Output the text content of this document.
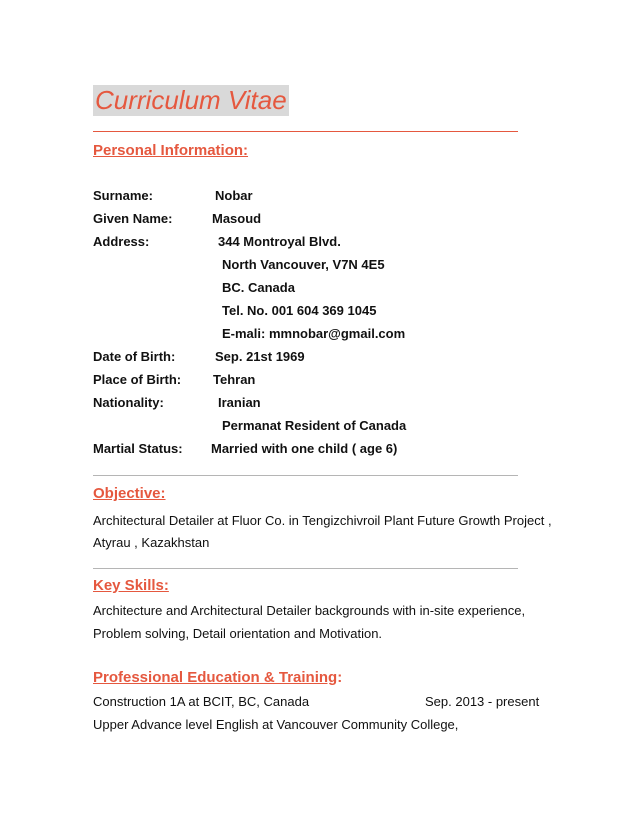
Curriculum Vitae
Personal Information:
Surname:	Nobar
Given Name:	Masoud
Address:	344 Montroyal Blvd.
North Vancouver, V7N 4E5
BC. Canada
Tel. No. 001 604 369 1045
E-mali: mmnobar@gmail.com
Date of Birth:	Sep. 21st 1969
Place of Birth: Tehran
Nationality:	Iranian
Permanat Resident of Canada
Martial Status: Married with one child ( age 6)
Objective:
Architectural Detailer at Fluor Co. in Tengizchivroil Plant Future Growth Project ,
Atyrau , Kazakhstan
Key Skills:
Architecture and Architectural Detailer backgrounds with in-site experience,
Problem solving, Detail orientation and Motivation.
Professional Education & Training:
Construction 1A at BCIT, BC, Canada	Sep. 2013 - present
Upper Advance level English at Vancouver Community College,
